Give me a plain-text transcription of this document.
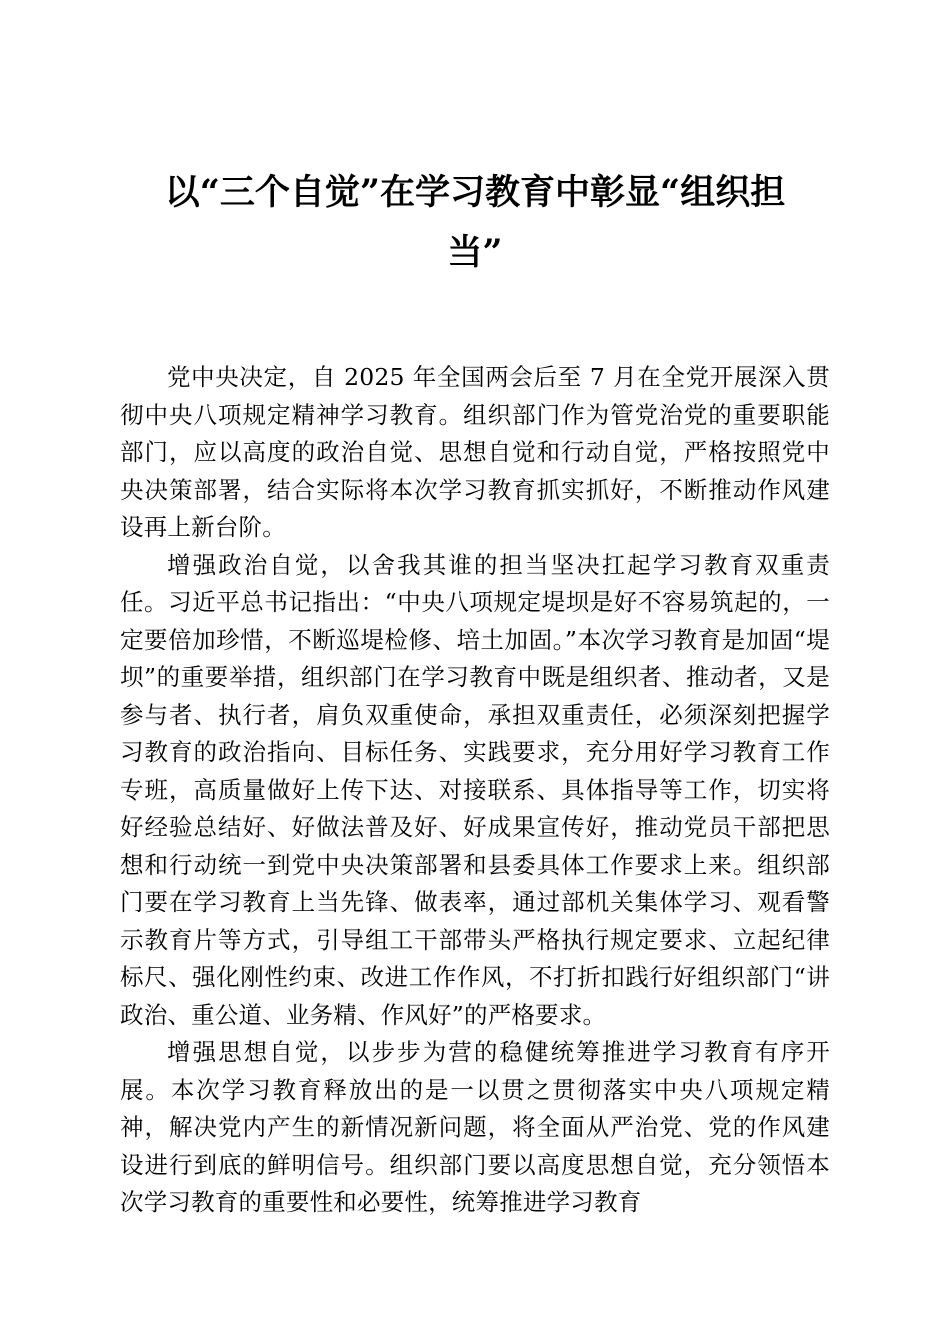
以“三个自觉”在学习教育中彰显“组织担
当”

党中央决定，自 2025 年全国两会后至 7 月在全党开展深入贯彻中央八项规定精神学习教育。组织部门作为管党治党的重要职能部门，应以高度的政治自觉、思想自觉和行动自觉，严格按照党中央决策部署，结合实际将本次学习教育抓实抓好，不断推动作风建设再上新台阶。

增强政治自觉，以舍我其谁的担当坚决扛起学习教育双重责任。习近平总书记指出：“中央八项规定堤坝是好不容易筑起的，一定要倍加珍惜，不断巡堤检修、培土加固。”本次学习教育是加固“堤坝”的重要举措，组织部门在学习教育中既是组织者、推动者，又是参与者、执行者，肩负双重使命，承担双重责任，必须深刻把握学习教育的政治指向、目标任务、实践要求，充分用好学习教育工作专班，高质量做好上传下达、对接联系、具体指导等工作，切实将好经验总结好、好做法普及好、好成果宣传好，推动党员干部把思想和行动统一到党中央决策部署和县委具体工作要求上来。组织部门要在学习教育上当先锋、做表率，通过部机关集体学习、观看警示教育片等方式，引导组工干部带头严格执行规定要求、立起纪律标尺、强化刚性约束、改进工作作风，不打折扣践行好组织部门“讲政治、重公道、业务精、作风好”的严格要求。

增强思想自觉，以步步为营的稳健统筹推进学习教育有序开展。本次学习教育释放出的是一以贯之贯彻落实中央八项规定精神，解决党内产生的新情况新问题，将全面从严治党、党的作风建设进行到底的鲜明信号。组织部门要以高度思想自觉，充分领悟本次学习教育的重要性和必要性，统筹推进学习教育
